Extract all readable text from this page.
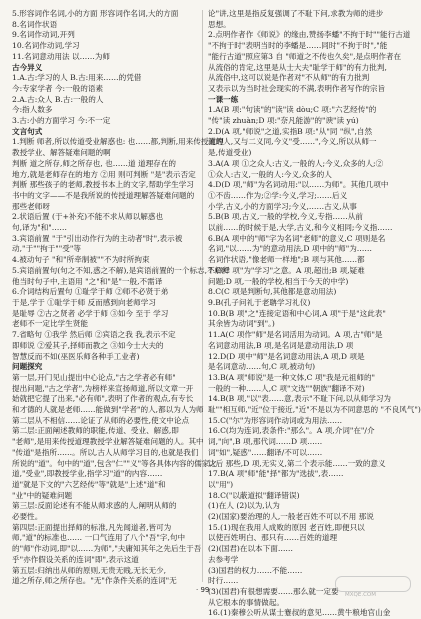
5.形容词作名词,小的方面 形容词作名词,大的方面
8.名词作状语
9.名词作动词,开列
10.名词作动词,学习
11.名词意动用法 以……为师
古今异义
1.A.古:学习的人 B.古:用来……的凭借
今:专家学者 今:一般的语素
2.A.古:众人 B.古:一般的人
今:指人数多
3.古:小的方面学习 今:不一定
文言句式
1.判断 师者,所以传道受业解惑也: 也……都,判断,用来传授道理
教授学业、解答疑难问题的啊
判断 道之所存,师之所存也, 也……道 道理存在的
地方,就是老师存在的地方 ②用 则可判断 "是"表示否定
判断 那些孩子的老师,教授书本上的文字,帮助学生学习
书中的文字——不是我所说的传授道理解答疑难问题的
那些老师呀
2.状语后置 (于+补充)不能不求从师以解惑也
句,译为"和"……
3.宾语前置 "于"引出动作行为的主动者"时",表示被
动,"于""拘于""受"等
4.被动句子 "和"所牵制被""不为时所拘束
5.宾语前置句(句之不知,惑之不解),是宾语前置的一个标志,不解释
他当时句子中,主语用 "之"和"是"一般,不需译
6.介词结构后置句 ①耻学于师 ②师不必贤于弟
于是,学于 ①耻学于师 反而感到向老师学习
是耻辱 ②古之贤者 必学于师 ③如今 至于 学习
老师不一定比学生贤能
7.省略句 ①我学 然后师 ②宾语之我 我,表示不定
即师说 ②爱其子,择师而教之 ③如今士大夫的
智慧反而不如(巫医乐师各种手工业者)
问题探究
第一层,开门见山提出中心论点,"古之学者必有师"
提出问题,"古之学者",为榜样来宣扬师道,所以文章一开
始就把它提了出来,"必有师",表明了作者的观点,有专长
和才德的人就是老师……能做到"学者"的人,都以为人为师
第二层从不相信……论证了从师的必要性,使文中论点
第二层:正面阐述教师的职能,传道、受业、解惑,即
"老师",是用来传授道理教授学业解答疑难问题的人。其中
"传道"是指所……。所以,古人从师学习目的,也就是我们
所说的"道"。句中的"道",包含"仁""义"等各具体内容的儒家之
道,"受业",即教授学业,指学习"道"的内容……
道"就是下文的"六艺经传"等"就是"上述"道"和
"业"中的疑难问题
第三层:反面论述有不能从师求惑的人,阐明从师的
必要性。
第四层:正面提出择师的标准,凡先闻道者,皆可为
师,"道"的标准也…… 一口气连用了八个"吾"字,句中
的"师"作动词,即"以……为师","夫庸知其年之先后生于吾
乎"亦作假设关系的连词"即",表示这道
第五层:归纳出从师的原则,无贵无贱,无长无少,
道之所存,师之所存也。"无"作条件关系的连词"无
论"讲,这里是指反复强调了不耻下问,求教为师的进步
思想。
2.点明作者作《师说》的缘由,赞扬李蟠"不拘于时""能行古道
"不拘于时"表明当时的李蟠是……同时"不拘于时","能
"能行古道"照应第3 自 "师道之不传也久矣",是点明作者在
从流俗的肯定,这里是从士大夫"耻学于师"的有力批判,
从流俗中,这可以说是作者对"不从师"的有力批判
又表示以为当时社会现实的不满,表明作者写作的宗旨
一课一练
1.A(B 项:"句读"的"读"读 dòu;C 项:"六艺经传"的
"传"读 zhuàn;D 项:"奈凡能游"的"谀"读 yú)
2.D(A 项,"师说"之道,实指B 项:"从"同 "纵",自然
就的人,又与二义同,今义"受……",今义,所以从师一
是,传道受业)
3.A(A 项 ①之众人:古义,一般的人;今义,众多的人;②
①众人:古义,一般的人:今义,众多的人
4.D(D 项,"师"为名词动用:"以……为师"。其他几项中
①不齿……作为;②学:今义,学习;……后义
小学,古义,小的方面学习;今义,……古义,从事
5.B(B 项,古义,一般的学校,今义,专指……从前
以前……的时候于是,大学,古义,和今义相同;今义指……
6.B(A 项中的"师"字为名词"老师"的意义,C 项则是名
名词,"以……为"的意动用法,D 项中的"师"为……
名词作状语,"像老师一样地";B 项与其他……都
7.C(C 项"为"学习"之意。A 项,超出;B 项,疑难
问题;D 项,一般的学校,相当于今天的中学)
8.C(C 项是判断句,其他都是意动用法)
9.B(孔子问礼于老聃学习礼仪)
10.B(B 项"之"连接定语和中心词,A 项"于是"这此表"
其余皆为动词"到"。)
11.A(C 项作"师"是名词活用为动词。A 项,古"师"是
名词意动用法,B 项,是名词是意动用法,D 项
12.D(D 项中"师"是名词意动用法,A 项,D 项是
是名词意动……句,C 项,被动句)
13.B(A 项"师说"是一种文体,C 项"我是元祖师的"
一般的一种……人,C 项"文选""朝族"翻译不对)
14.B(B 项,"以"表……意,表示"不耻下问,以从师学习为
耻""相互师,"近"位于接近,"近"不是以为不同意思的 "不良风气")
15.C("尔"为形容词作动词或为用法……
16.C(均为连词,表条件:"那么"。A 项,介词"在"/介
词,"向",B 项,那代词……D 项……
词"如",疑惑"……翻译/不可以……
认后 那些,D 项,无实义,第二个表示能……一致的意义
17.B(A 项"师"能"择"都为"选拔",表……
以"用")
18.C("以蔽道拟"翻译错误)
(1)在人 (2)以为,认为
(2)(国家)要治理的人,一般老百姓不可以不用 那说
15.(1)现在我用人成败的原因 老百姓,即便只以
以使百姓明白、那只有……百姓的道理
(2)(国君)在以本下面……
去参考学
(3)国君的权力……不能……
时行……
(3)(国君)有很想需要……那么就一定要
从它根本的事情做起。
16.(1)秦穆公听从谋士蹇叔的意见……黄牛粮地官山金
· 99 ·
MXQE.COM
